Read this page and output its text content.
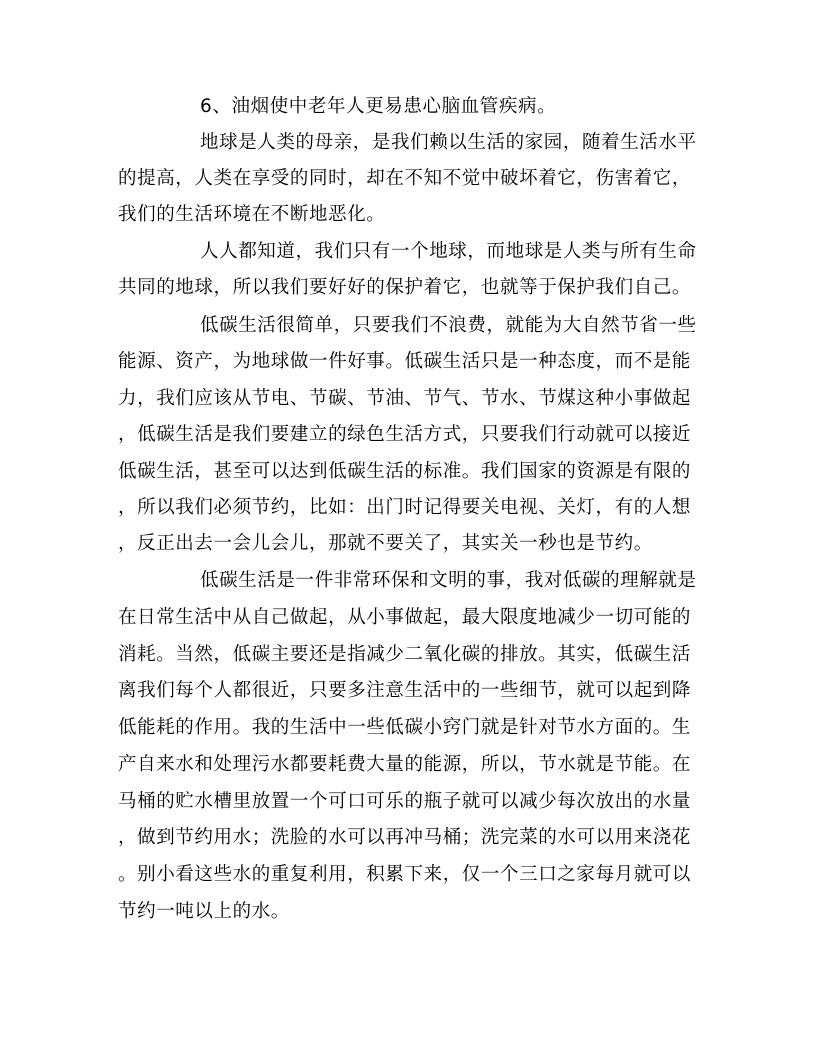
6、油烟使中老年人更易患心脑血管疾病。
地球是人类的母亲，是我们赖以生活的家园，随着生活水平
的提高，人类在享受的同时，却在不知不觉中破坏着它，伤害着它，
我们的生活环境在不断地恶化。
人人都知道，我们只有一个地球，而地球是人类与所有生命
共同的地球，所以我们要好好的保护着它，也就等于保护我们自己。
低碳生活很简单，只要我们不浪费，就能为大自然节省一些
能源、资产，为地球做一件好事。低碳生活只是一种态度，而不是能
力，我们应该从节电、节碳、节油、节气、节水、节煤这种小事做起
，低碳生活是我们要建立的绿色生活方式，只要我们行动就可以接近
低碳生活，甚至可以达到低碳生活的标准。我们国家的资源是有限的
，所以我们必须节约，比如：出门时记得要关电视、关灯，有的人想
，反正出去一会儿会儿，那就不要关了，其实关一秒也是节约。
低碳生活是一件非常环保和文明的事，我对低碳的理解就是
在日常生活中从自己做起，从小事做起，最大限度地减少一切可能的
消耗。当然，低碳主要还是指减少二氧化碳的排放。其实，低碳生活
离我们每个人都很近，只要多注意生活中的一些细节，就可以起到降
低能耗的作用。我的生活中一些低碳小窍门就是针对节水方面的。生
产自来水和处理污水都要耗费大量的能源，所以，节水就是节能。在
马桶的贮水槽里放置一个可口可乐的瓶子就可以减少每次放出的水量
，做到节约用水；洗脸的水可以再冲马桶；洗完菜的水可以用来浇花
。别小看这些水的重复利用，积累下来，仅一个三口之家每月就可以
节约一吨以上的水。
